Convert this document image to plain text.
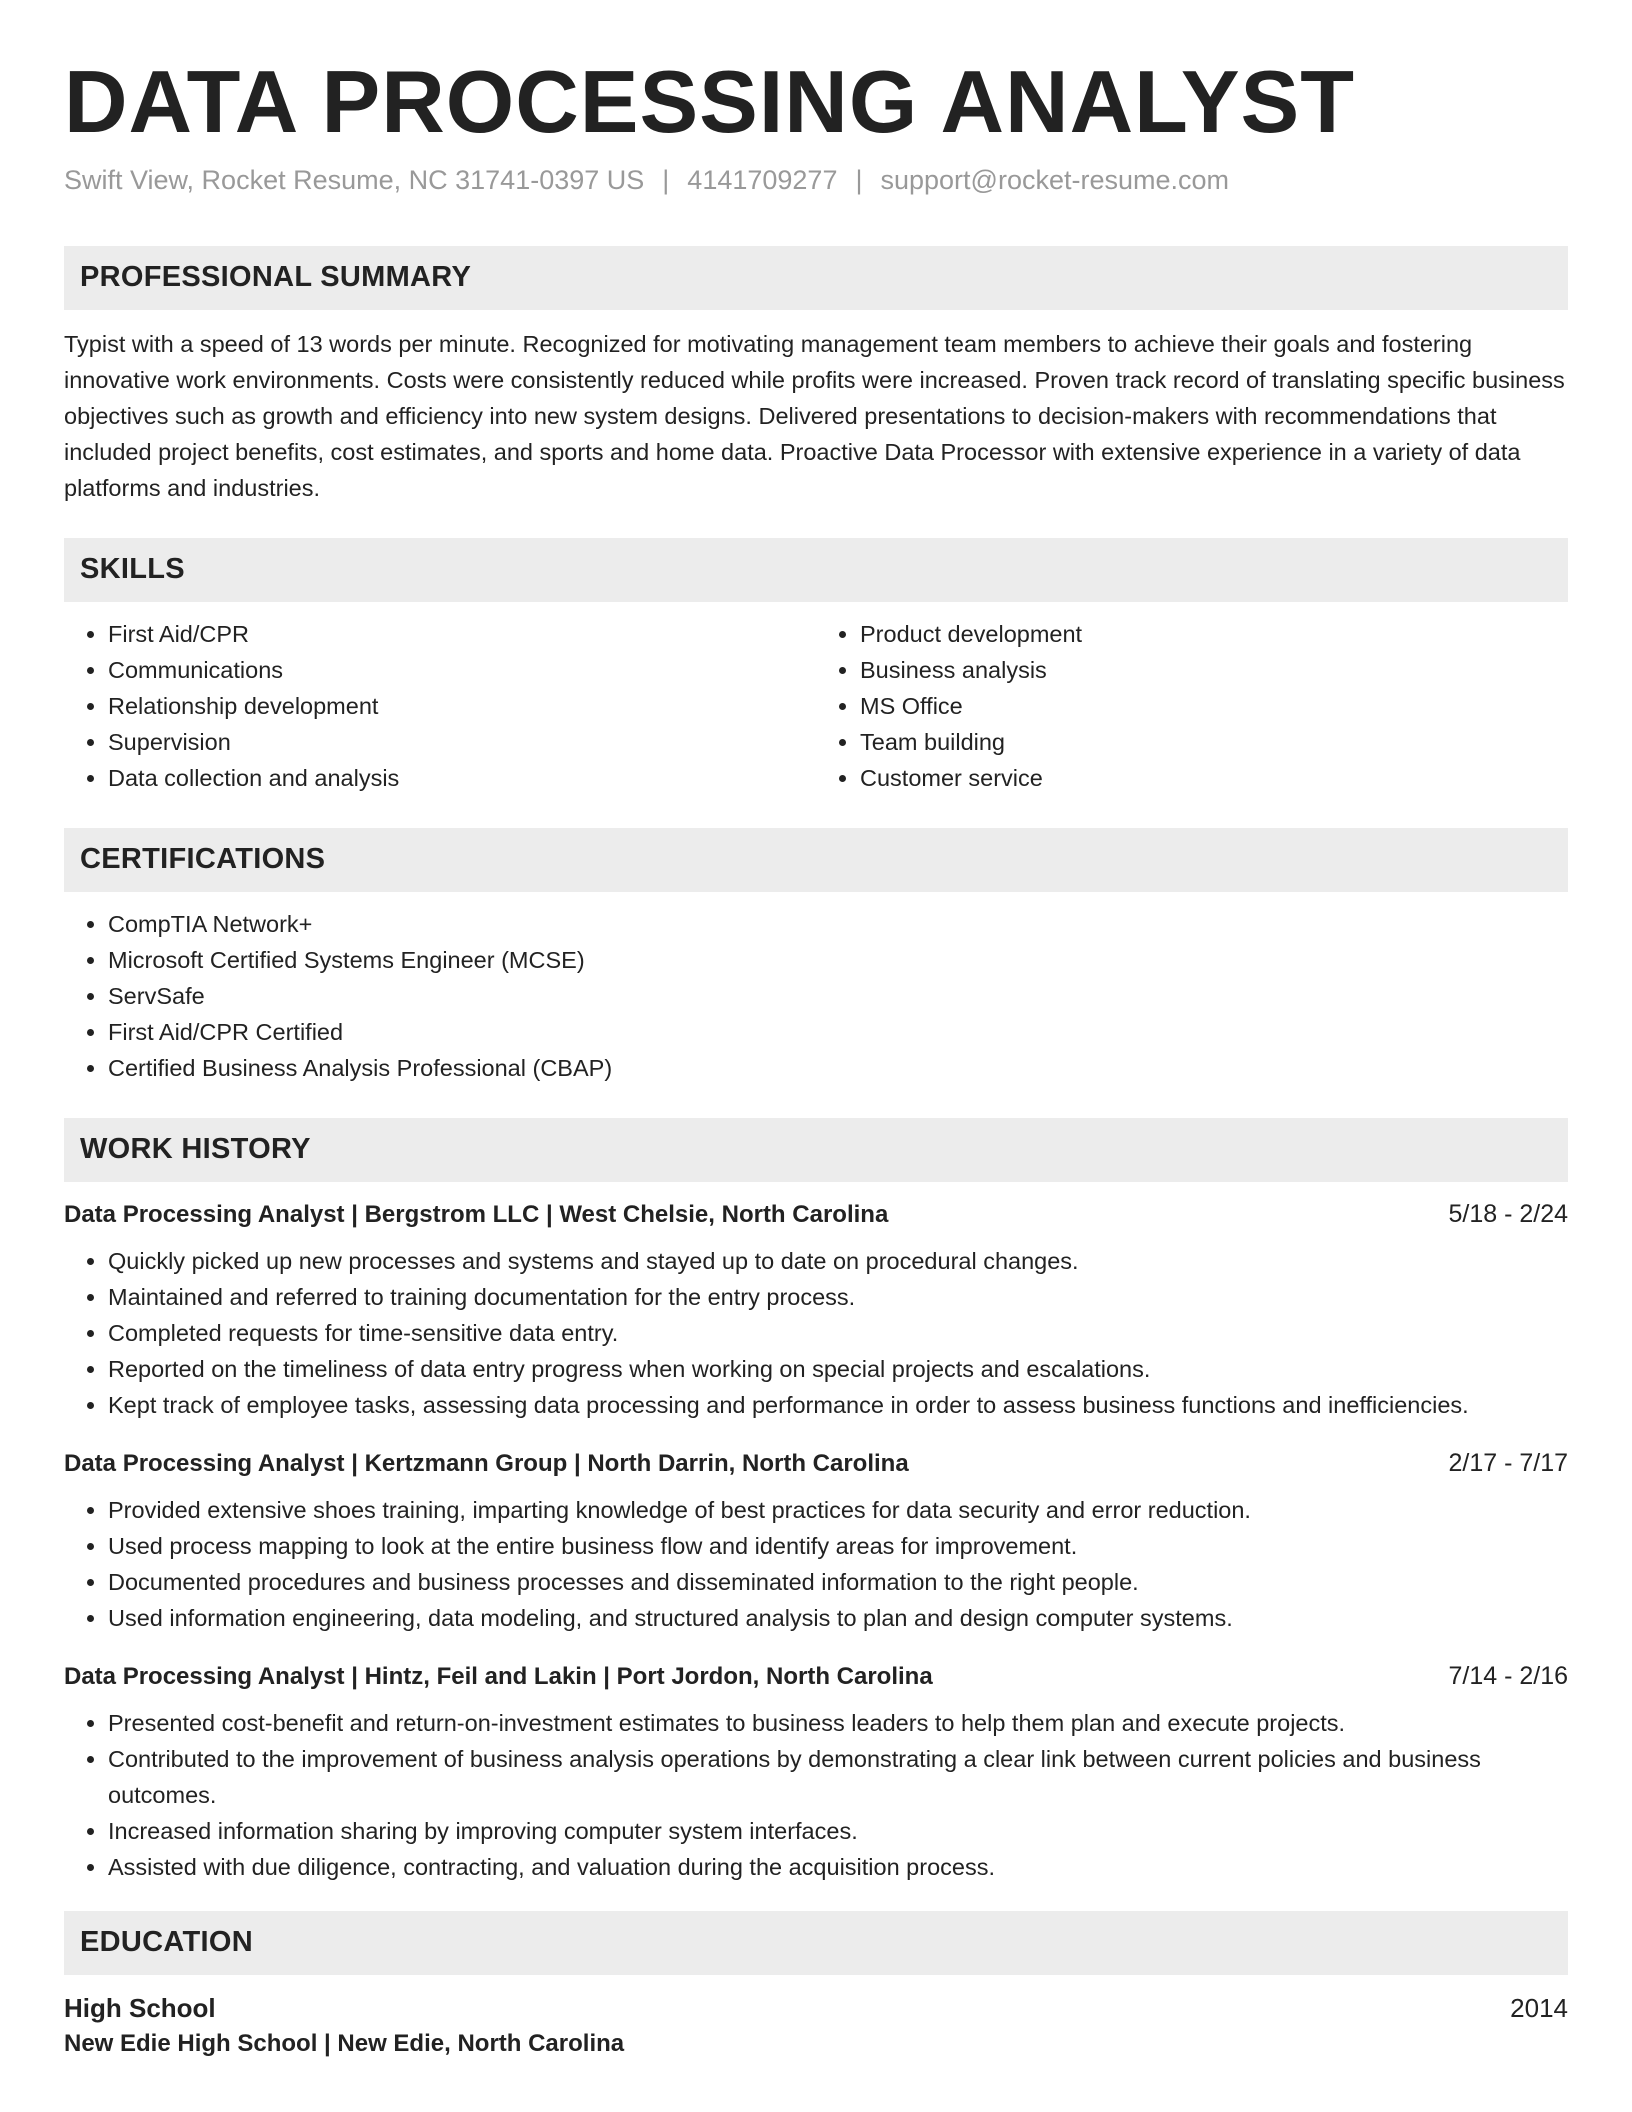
DATA PROCESSING ANALYST
Swift View, Rocket Resume, NC 31741-0397 US | 4141709277 | support@rocket-resume.com
PROFESSIONAL SUMMARY

Typist with a speed of 13 words per minute. Recognized for motivating management team members to achieve their goals and fostering innovative work environments. Costs were consistently reduced while profits were increased. Proven track record of translating specific business objectives such as growth and efficiency into new system designs. Delivered presentations to decision-makers with recommendations that included project benefits, cost estimates, and sports and home data. Proactive Data Processor with extensive experience in a variety of data platforms and industries.

SKILLS
• First Aid/CPR
• Communications
• Relationship development
• Supervision
• Data collection and analysis
• Product development
• Business analysis
• MS Office
• Team building
• Customer service
CERTIFICATIONS
• CompTIA Network+
• Microsoft Certified Systems Engineer (MCSE)
• ServSafe
• First Aid/CPR Certified
• Certified Business Analysis Professional (CBAP)
WORK HISTORY
Data Processing Analyst | Bergstrom LLC | West Chelsie, North Carolina	5/18 - 2/24
• Quickly picked up new processes and systems and stayed up to date on procedural changes.
• Maintained and referred to training documentation for the entry process.
• Completed requests for time-sensitive data entry.
• Reported on the timeliness of data entry progress when working on special projects and escalations.
• Kept track of employee tasks, assessing data processing and performance in order to assess business functions and inefficiencies.
Data Processing Analyst | Kertzmann Group | North Darrin, North Carolina	2/17 - 7/17
• Provided extensive shoes training, imparting knowledge of best practices for data security and error reduction.
• Used process mapping to look at the entire business flow and identify areas for improvement.
• Documented procedures and business processes and disseminated information to the right people.
• Used information engineering, data modeling, and structured analysis to plan and design computer systems.
Data Processing Analyst | Hintz, Feil and Lakin | Port Jordon, North Carolina	7/14 - 2/16
• Presented cost-benefit and return-on-investment estimates to business leaders to help them plan and execute projects.
• Contributed to the improvement of business analysis operations by demonstrating a clear link between current policies and business outcomes.
• Increased information sharing by improving computer system interfaces.
• Assisted with due diligence, contracting, and valuation during the acquisition process.
EDUCATION
High School	2014
New Edie High School | New Edie, North Carolina
